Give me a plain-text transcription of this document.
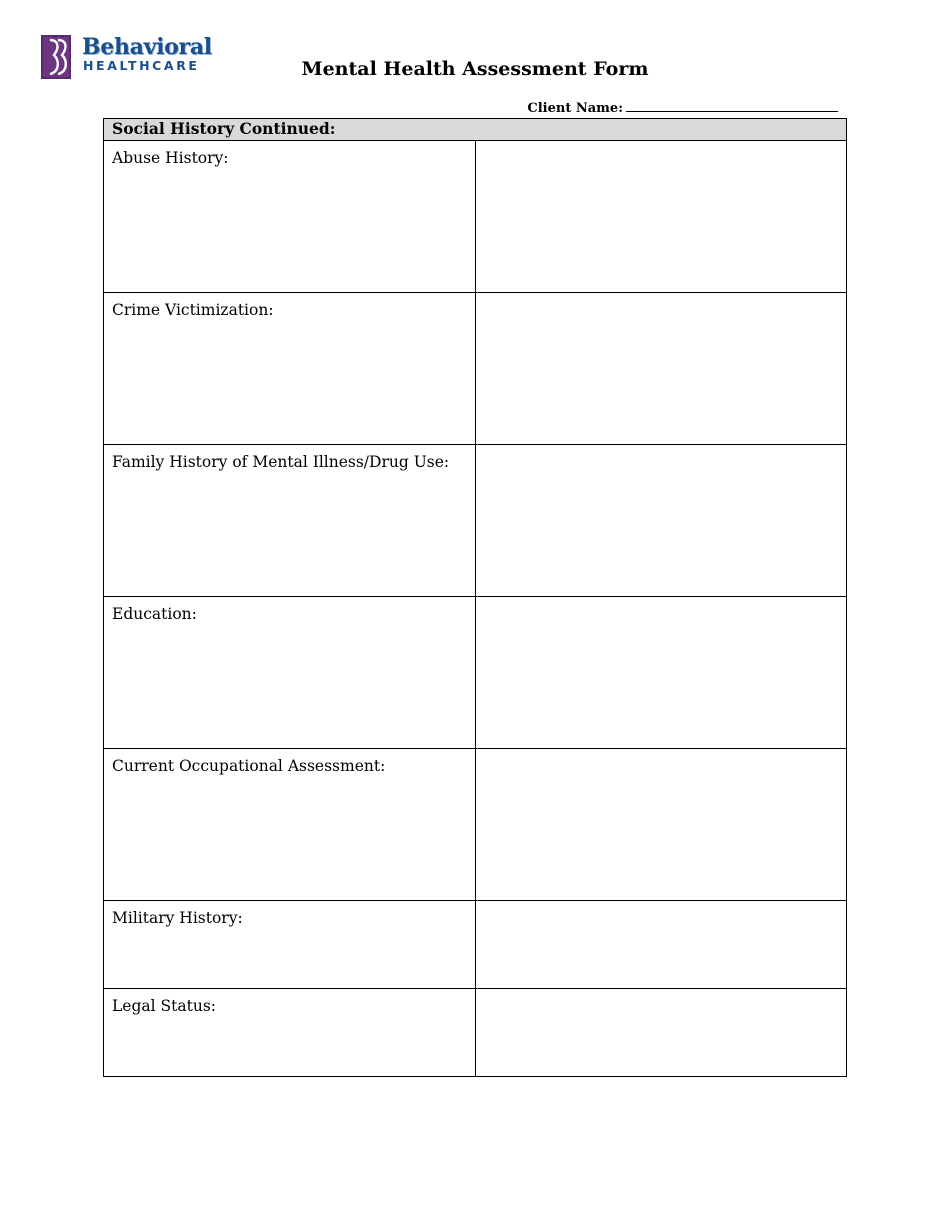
Behavioral
HEALTHCARE	Mental Health Assessment Form
Client Name:
Social History Continued:	
Abuse History:	
Crime Victimization:	
Family History of Mental Illness/Drug Use:	
Education:	
Current Occupational Assessment:	
Military History:	
Legal Status:	
